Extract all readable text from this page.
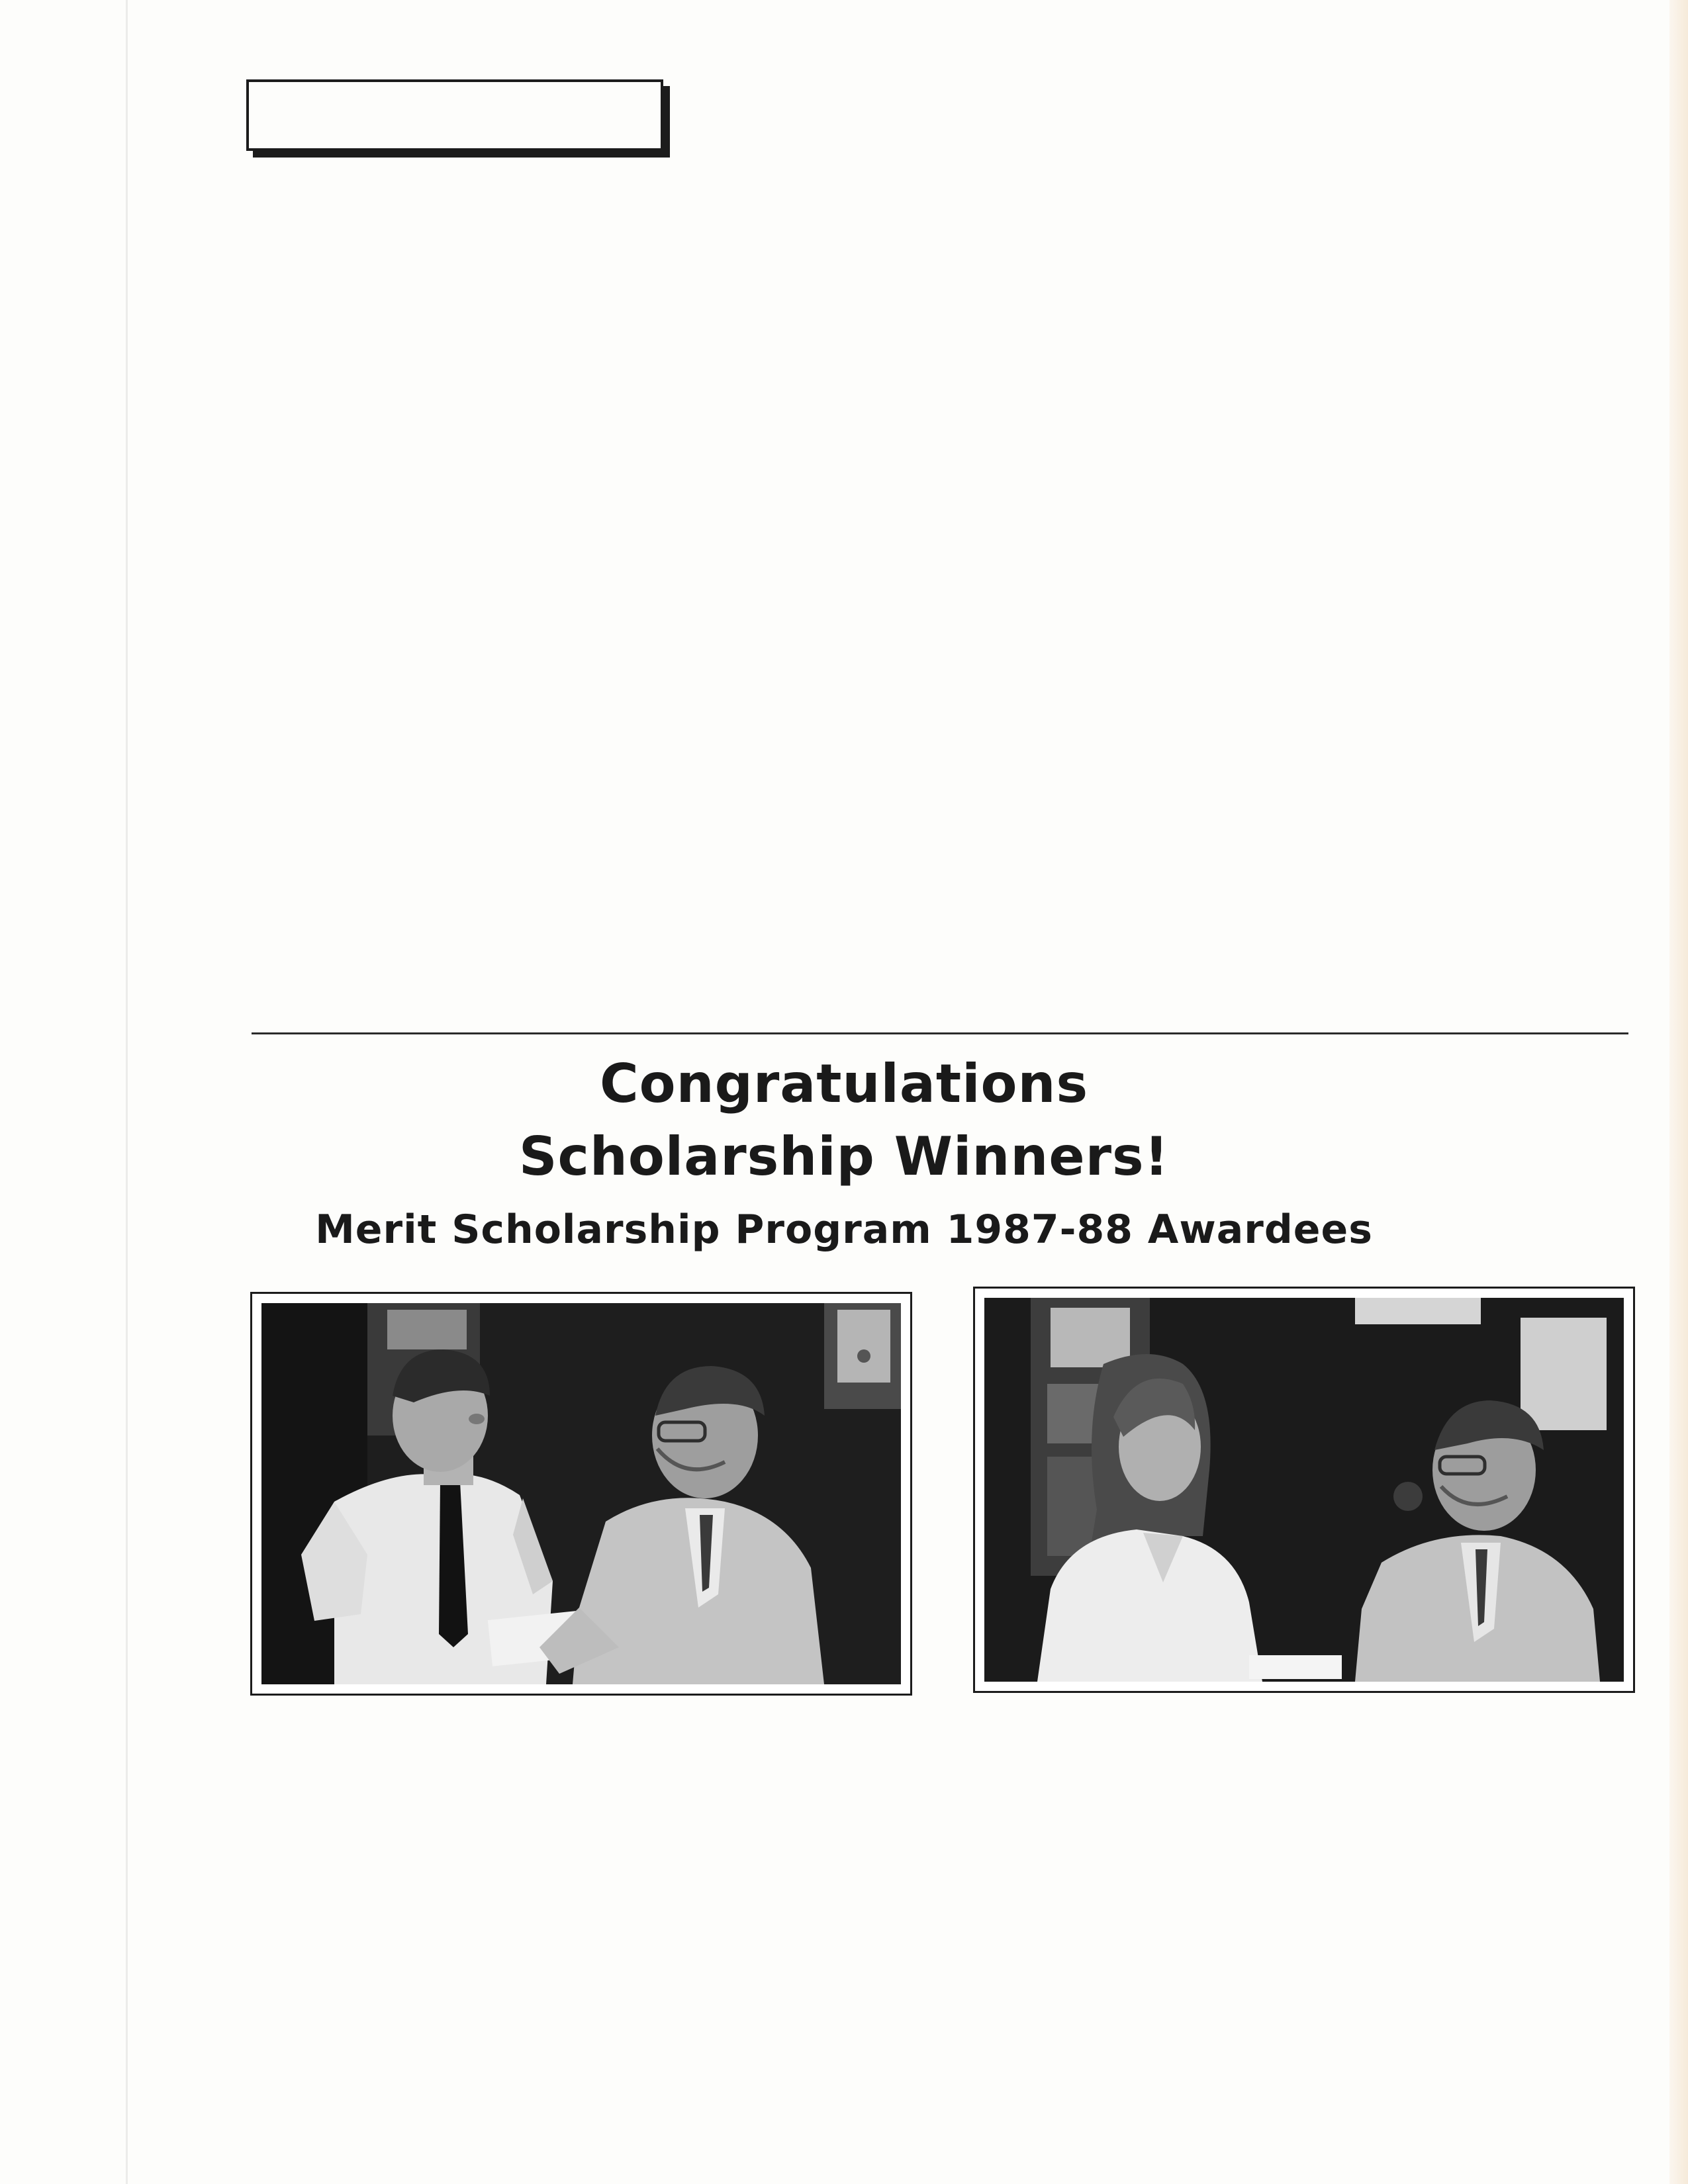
Congratulations
Scholarship Winners!
Merit Scholarship Program 1987-88 Awardees
